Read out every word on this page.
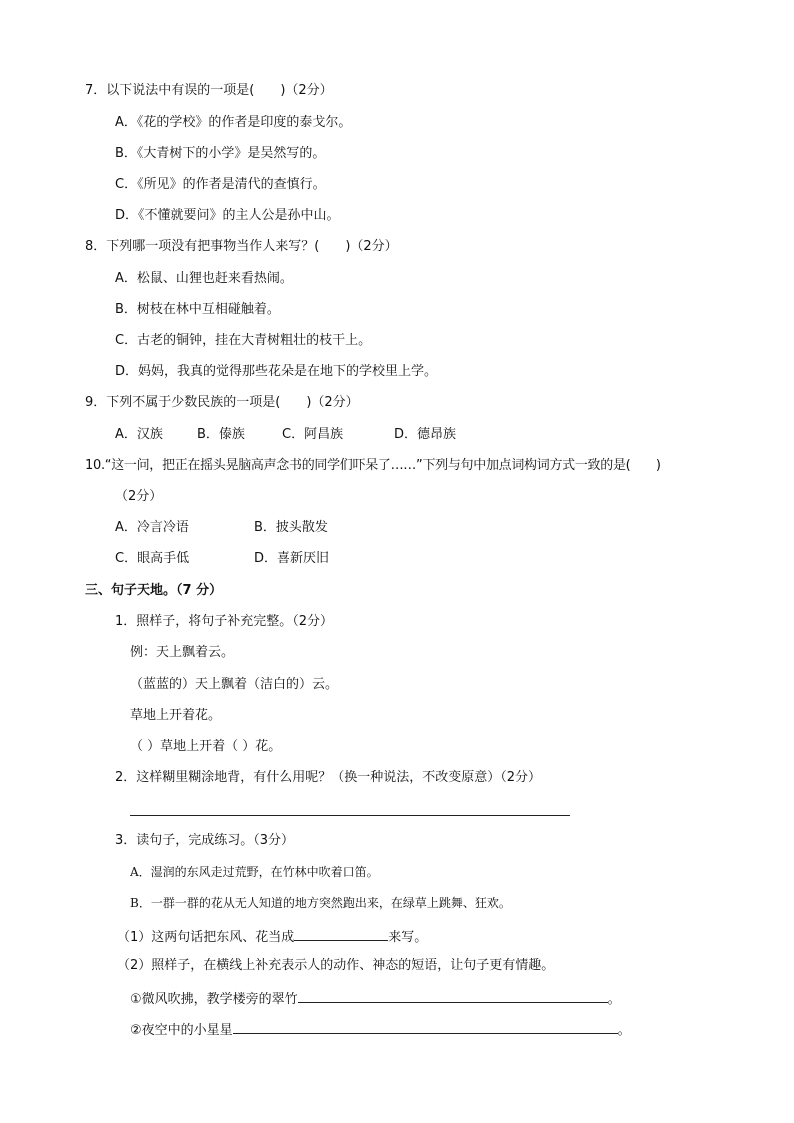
7．以下说法中有误的一项是(　　)（2分）
A．《花的学校》的作者是印度的泰戈尔。
B．《大青树下的小学》是吴然写的。
C．《所见》的作者是清代的查慎行。
D．《不懂就要问》的主人公是孙中山。
8．下列哪一项没有把事物当作人来写？(　　)（2分）
A．松鼠、山狸也赶来看热闹。
B．树枝在林中互相碰触着。
C．古老的铜钟，挂在大青树粗壮的枝干上。
D．妈妈，我真的觉得那些花朵是在地下的学校里上学。
9．下列不属于少数民族的一项是(　　)（2分）
A．汉族	B．傣族	C．阿昌族	D．德昂族
10.“这一问，把正在摇头晃脑高声念书的同学们吓呆了……”下列与句中加点词构词方式一致的是(　　)
（2分）
A．冷言冷语	B．披头散发
C．眼高手低	D．喜新厌旧
三、句子天地。（7 分）
1．照样子，将句子补充完整。（2分）
例：天上飘着云。
（蓝蓝的）天上飘着（洁白的）云。
草地上开着花。
（ ）草地上开着（ ）花。
2．这样糊里糊涂地背，有什么用呢？（换一种说法，不改变原意）（2分）
3．读句子，完成练习。（3分）
A．湿润的东风走过荒野，在竹林中吹着口笛。
B．一群一群的花从无人知道的地方突然跑出来，在绿草上跳舞、狂欢。
（1）这两句话把东风、花当成	来写。
（2）照样子，在横线上补充表示人的动作、神态的短语，让句子更有情趣。
①微风吹拂，教学楼旁的翠竹	。
②夜空中的小星星	。
